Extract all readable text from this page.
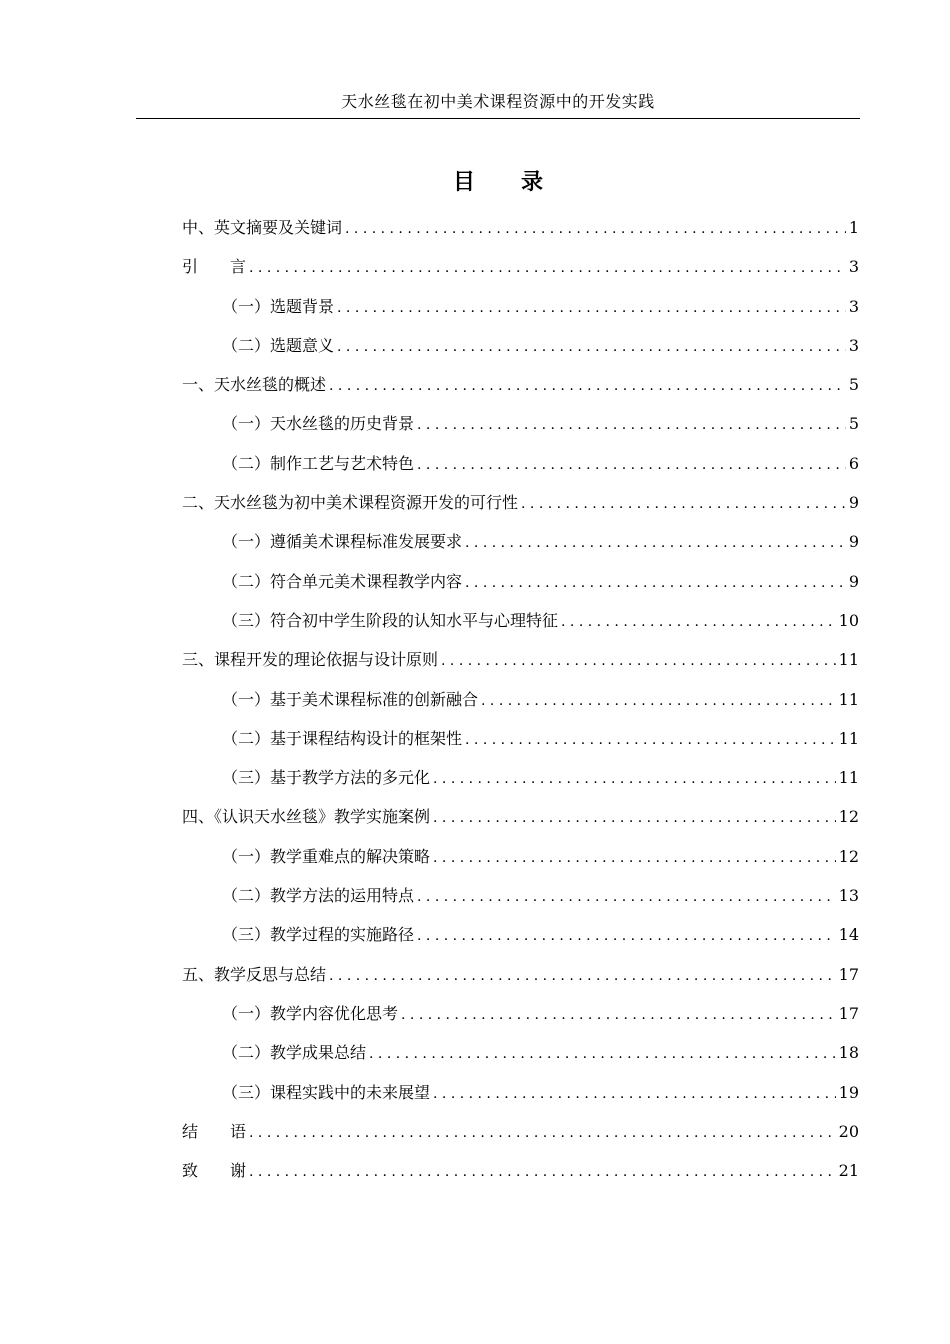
天水丝毯在初中美术课程资源中的开发实践
目 录
中、英文摘要及关键词 . . .	1
引　　言 . . .	3
（一）选题背景 . . .	3
（二）选题意义 . . .	3
一、天水丝毯的概述 . . .	5
（一）天水丝毯的历史背景 . . .	5
（二）制作工艺与艺术特色 . . .	6
二、天水丝毯为初中美术课程资源开发的可行性 . . .	9
（一）遵循美术课程标准发展要求 . . .	9
（二）符合单元美术课程教学内容 . . .	9
（三）符合初中学生阶段的认知水平与心理特征 . . .	10
三、课程开发的理论依据与设计原则 . . .	11
（一）基于美术课程标准的创新融合 . . .	11
（二）基于课程结构设计的框架性 . . .	11
（三）基于教学方法的多元化 . . .	11
四、《认识天水丝毯》教学实施案例 . . .	12
（一）教学重难点的解决策略 . . .	12
（二）教学方法的运用特点 . . .	13
（三）教学过程的实施路径 . . .	14
五、教学反思与总结 . . .	17
（一）教学内容优化思考 . . .	17
（二）教学成果总结 . . .	18
（三）课程实践中的未来展望 . . .	19
结　　语 . . .	20
致　　谢 . . .	21
